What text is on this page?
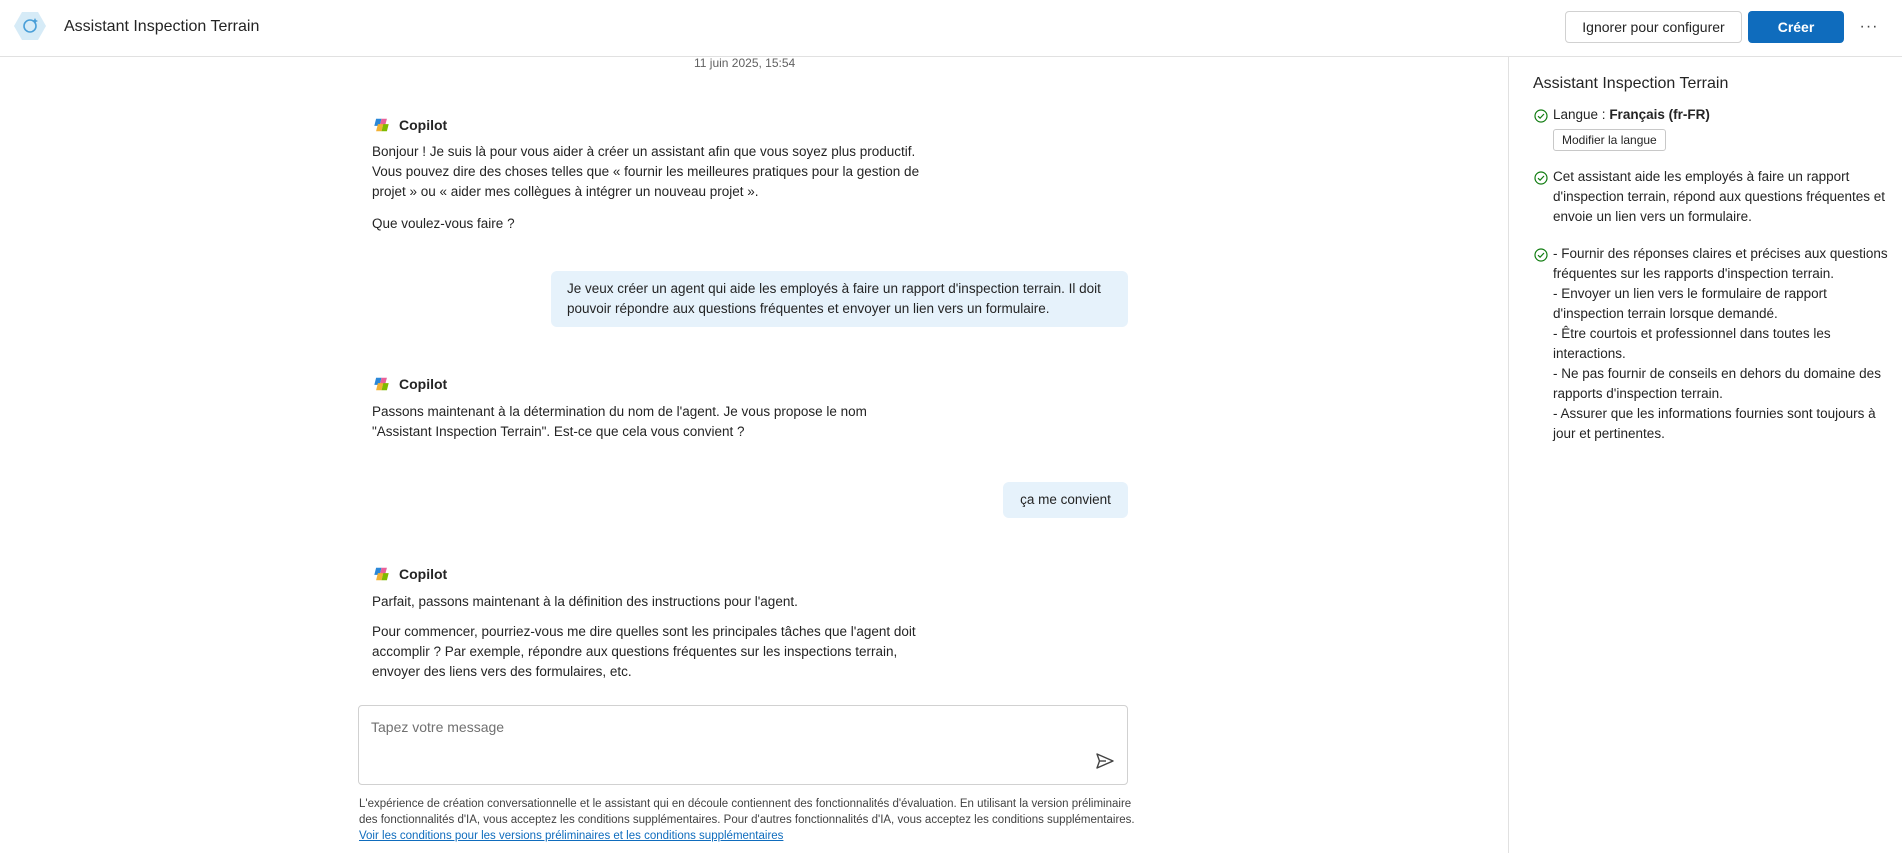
Assistant Inspection Terrain	Ignorer pour configurer	Créer	···
11 juin 2025, 15:54
Copilot
Bonjour ! Je suis là pour vous aider à créer un assistant afin que vous soyez plus productif. Vous pouvez dire des choses telles que « fournir les meilleures pratiques pour la gestion de projet » ou « aider mes collègues à intégrer un nouveau projet ».
Que voulez-vous faire ?
Je veux créer un agent qui aide les employés à faire un rapport d'inspection terrain. Il doit pouvoir répondre aux questions fréquentes et envoyer un lien vers un formulaire.
Copilot
Passons maintenant à la détermination du nom de l'agent. Je vous propose le nom "Assistant Inspection Terrain". Est-ce que cela vous convient ?
ça me convient
Copilot
Parfait, passons maintenant à la définition des instructions pour l'agent.
Pour commencer, pourriez-vous me dire quelles sont les principales tâches que l'agent doit accomplir ? Par exemple, répondre aux questions fréquentes sur les inspections terrain, envoyer des liens vers des formulaires, etc.
Tapez votre message
L'expérience de création conversationnelle et le assistant qui en découle contiennent des fonctionnalités d'évaluation. En utilisant la version préliminaire des fonctionnalités d'IA, vous acceptez les conditions supplémentaires. Pour d'autres fonctionnalités d'IA, vous acceptez les conditions supplémentaires. Voir les conditions pour les versions préliminaires et les conditions supplémentaires
Assistant Inspection Terrain
Langue : Français (fr-FR)
Modifier la langue
Cet assistant aide les employés à faire un rapport d'inspection terrain, répond aux questions fréquentes et envoie un lien vers un formulaire.
- Fournir des réponses claires et précises aux questions fréquentes sur les rapports d'inspection terrain.
- Envoyer un lien vers le formulaire de rapport d'inspection terrain lorsque demandé.
- Être courtois et professionnel dans toutes les interactions.
- Ne pas fournir de conseils en dehors du domaine des rapports d'inspection terrain.
- Assurer que les informations fournies sont toujours à jour et pertinentes.
